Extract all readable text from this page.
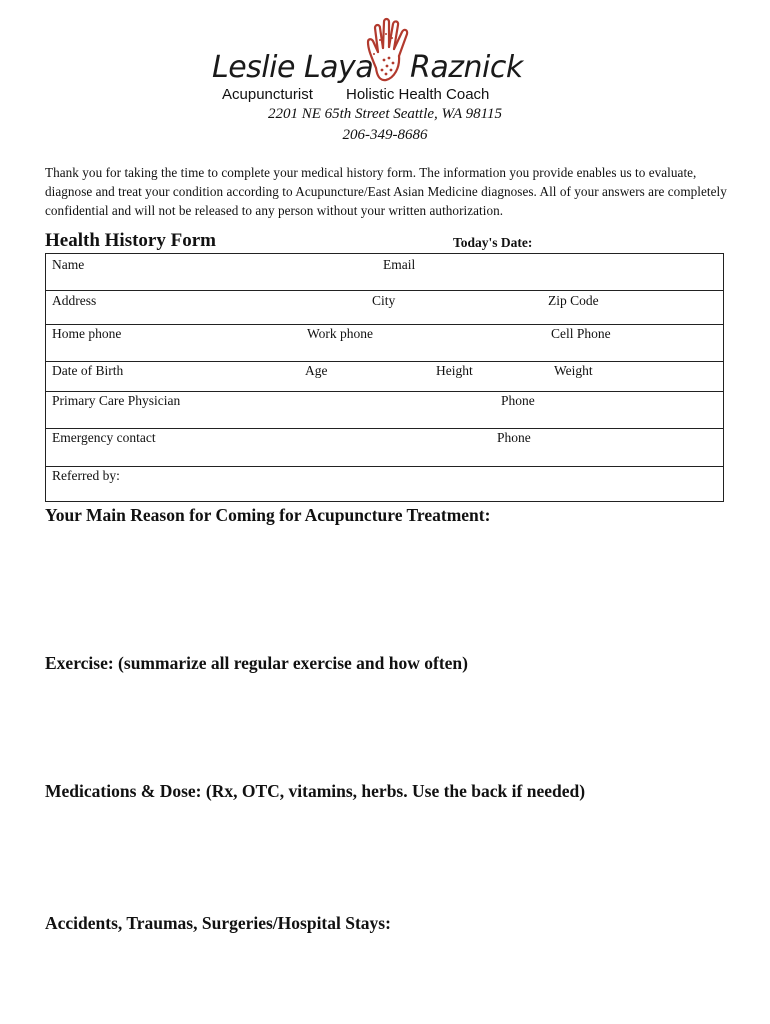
Leslie Laya Raznick
Acupuncturist Holistic Health Coach
2201 NE 65th Street Seattle, WA 98115
206-349-8686
Thank you for taking the time to complete your medical history form. The information you provide enables us to evaluate, diagnose and treat your condition according to Acupuncture/East Asian Medicine diagnoses. All of your answers are completely confidential and will not be released to any person without your written authorization.
Health History Form	Today's Date:
Name	Email
Address	City	Zip Code
Home phone	Work phone	Cell Phone
Date of Birth	Age	Height	Weight
Primary Care Physician	Phone
Emergency contact	Phone
Referred by:
Your Main Reason for Coming for Acupuncture Treatment:
Exercise: (summarize all regular exercise and how often)
Medications & Dose: (Rx, OTC, vitamins, herbs. Use the back if needed)
Accidents, Traumas, Surgeries/Hospital Stays:
